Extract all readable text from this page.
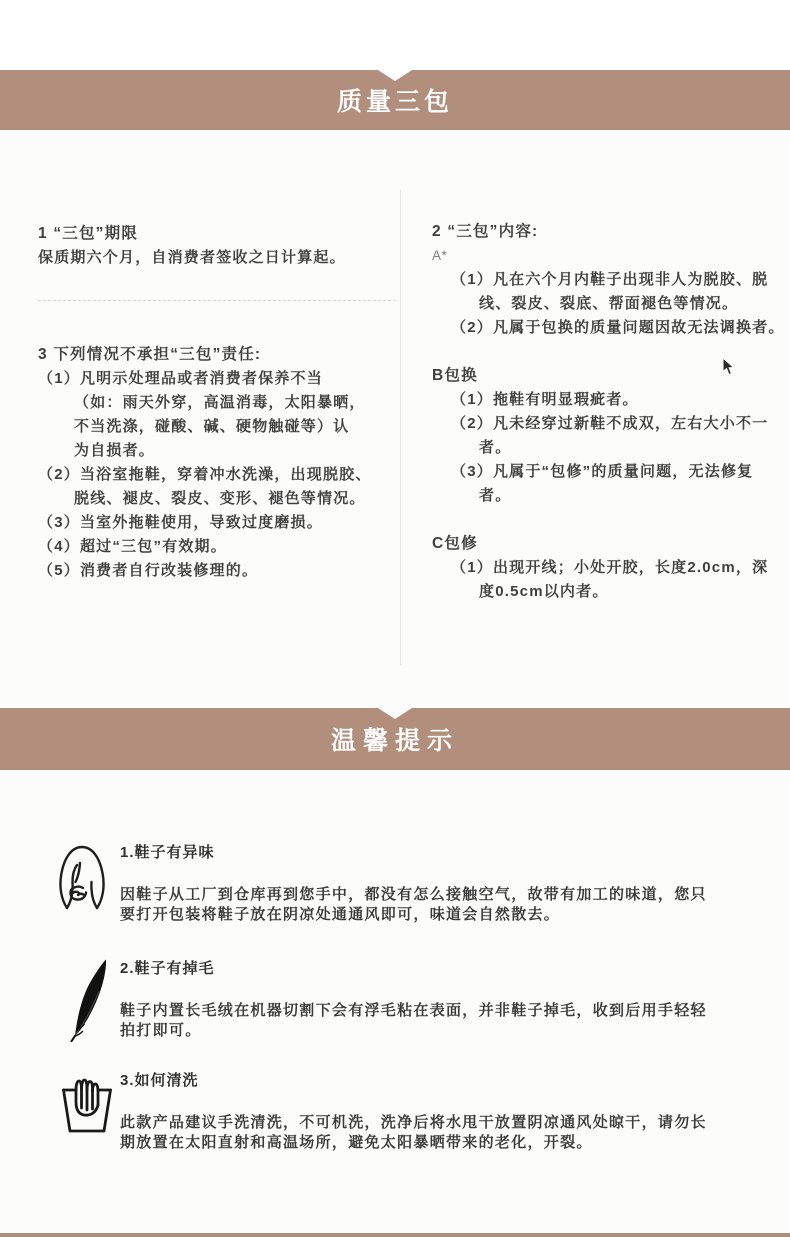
质量三包
1 “三包”期限
保质期六个月，自消费者签收之日计算起。
3 下列情况不承担“三包”责任:
（1）凡明示处理品或者消费者保养不当
（如：雨天外穿，高温消毒，太阳暴晒，
不当洗涤，碰酸、碱、硬物触碰等）认
为自损者。
（2）当浴室拖鞋，穿着冲水洗澡，出现脱胶、
脱线、褪皮、裂皮、变形、褪色等情况。
（3）当室外拖鞋使用，导致过度磨损。
（4）超过“三包”有效期。
（5）消费者自行改装修理的。
2 “三包”内容:
A*
（1）凡在六个月内鞋子出现非人为脱胶、脱
线、裂皮、裂底、帮面褪色等情况。
（2）凡属于包换的质量问题因故无法调换者。
B包换
（1）拖鞋有明显瑕疵者。
（2）凡未经穿过新鞋不成双，左右大小不一
者。
（3）凡属于“包修”的质量问题，无法修复
者。
C包修
（1）出现开线；小处开胶，长度2.0cm，深
度0.5cm以内者。
温馨提示
1.鞋子有异味
因鞋子从工厂到仓库再到您手中，都没有怎么接触空气，故带有加工的味道，您只
要打开包装将鞋子放在阴凉处通通风即可，味道会自然散去。
2.鞋子有掉毛
鞋子内置长毛绒在机器切割下会有浮毛粘在表面，并非鞋子掉毛，收到后用手轻轻
拍打即可。
3.如何清洗
此款产品建议手洗清洗，不可机洗，洗净后将水甩干放置阴凉通风处晾干，请勿长
期放置在太阳直射和高温场所，避免太阳暴晒带来的老化，开裂。
